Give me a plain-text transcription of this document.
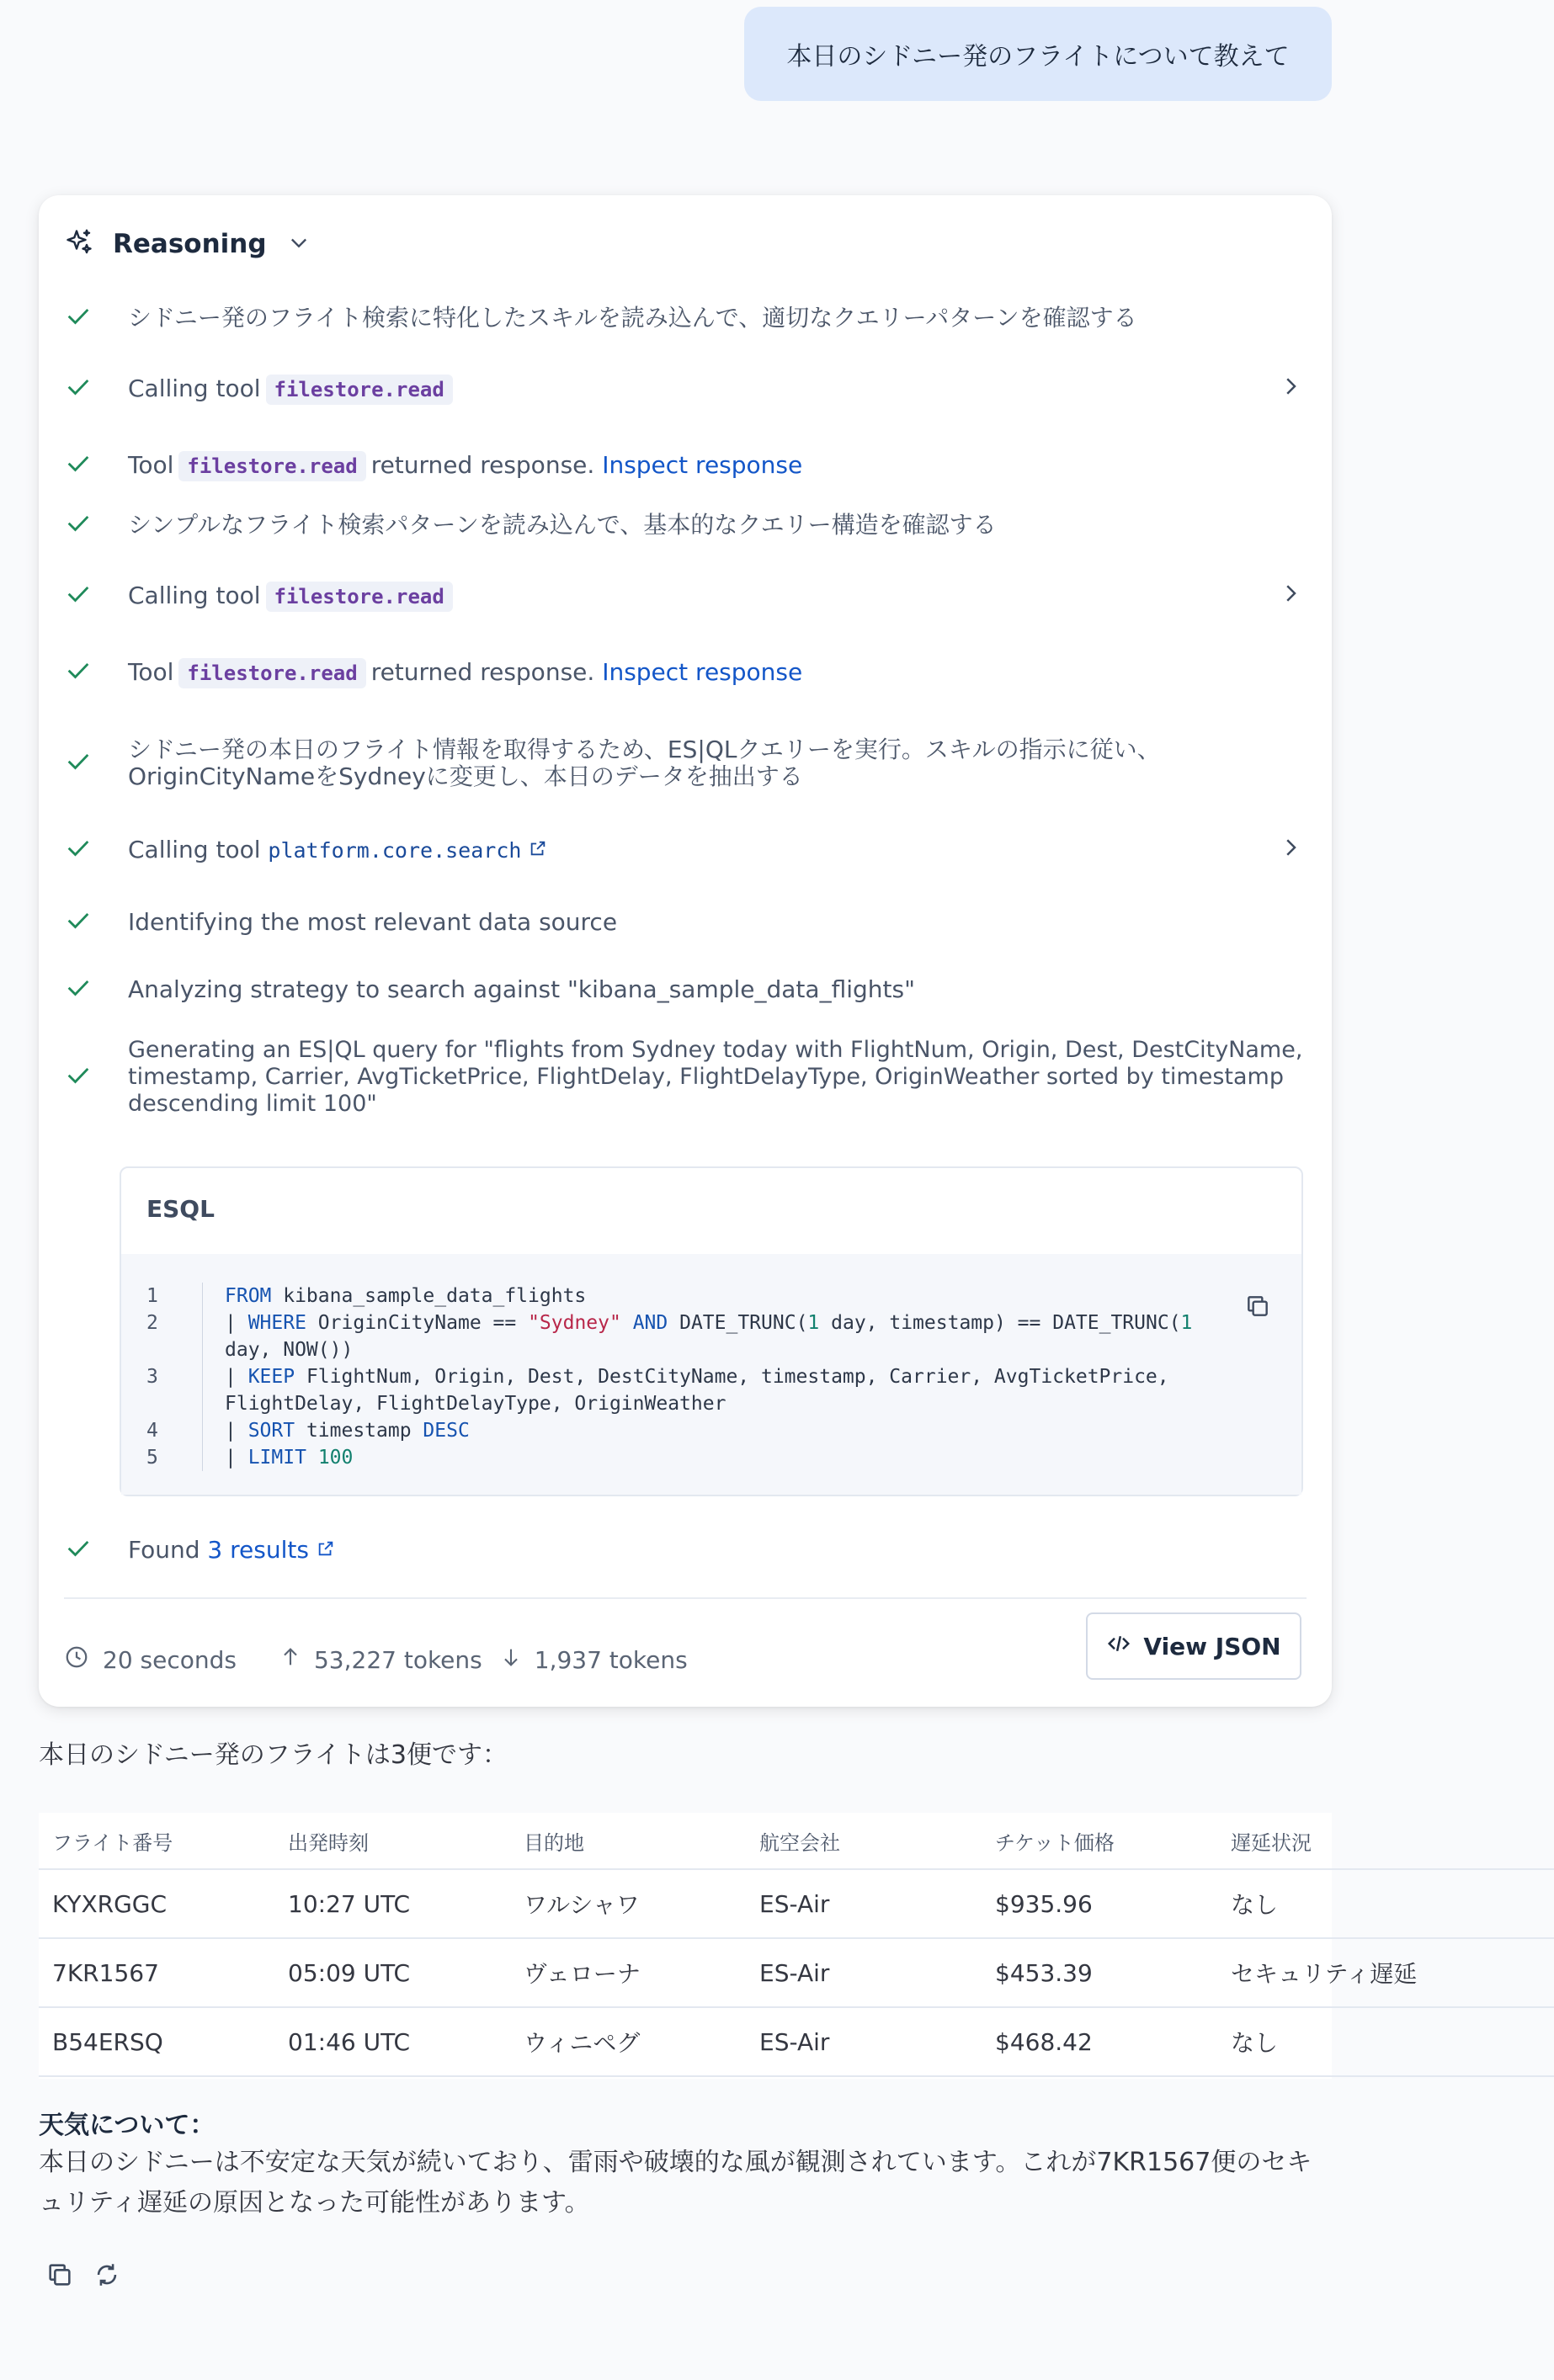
本日のシドニー発のフライトについて教えて
Reasoning
シドニー発のフライト検索に特化したスキルを読み込んで、適切なクエリーパターンを確認する
Calling tool filestore.read
Tool filestore.read returned response. Inspect response
シンプルなフライト検索パターンを読み込んで、基本的なクエリー構造を確認する
Calling tool filestore.read
Tool filestore.read returned response. Inspect response
シドニー発の本日のフライト情報を取得するため、ES|QLクエリーを実行。スキルの指示に従い、
OriginCityNameをSydneyに変更し、本日のデータを抽出する
Calling tool platform.core.search
Identifying the most relevant data source
Analyzing strategy to search against "kibana_sample_data_flights"
Generating an ES|QL query for "flights from Sydney today with FlightNum, Origin, Dest, DestCityName, timestamp, Carrier, AvgTicketPrice, FlightDelay, FlightDelayType, OriginWeather sorted by timestamp descending limit 100"
ESQL
1	FROM kibana_sample_data_flights
2	| WHERE OriginCityName == "Sydney" AND DATE_TRUNC(1 day, timestamp) == DATE_TRUNC(1 day, NOW())
3	| KEEP FlightNum, Origin, Dest, DestCityName, timestamp, Carrier, AvgTicketPrice, FlightDelay, FlightDelayType, OriginWeather
4	| SORT timestamp DESC
5	| LIMIT 100
Found 3 results
20 seconds	53,227 tokens 1,937 tokens	View JSON
本日のシドニー発のフライトは3便です：
フライト番号	出発時刻	目的地	航空会社	チケット価格	遅延状況
KYXRGGC	10:27 UTC	ワルシャワ	ES-Air	$935.96	なし
7KR1567	05:09 UTC	ヴェローナ	ES-Air	$453.39	セキュリティ遅延
B54ERSQ	01:46 UTC	ウィニペグ	ES-Air	$468.42	なし
天気について：
本日のシドニーは不安定な天気が続いており、雷雨や破壊的な風が観測されています。これが7KR1567便のセキュリティ遅延の原因となった可能性があります。
